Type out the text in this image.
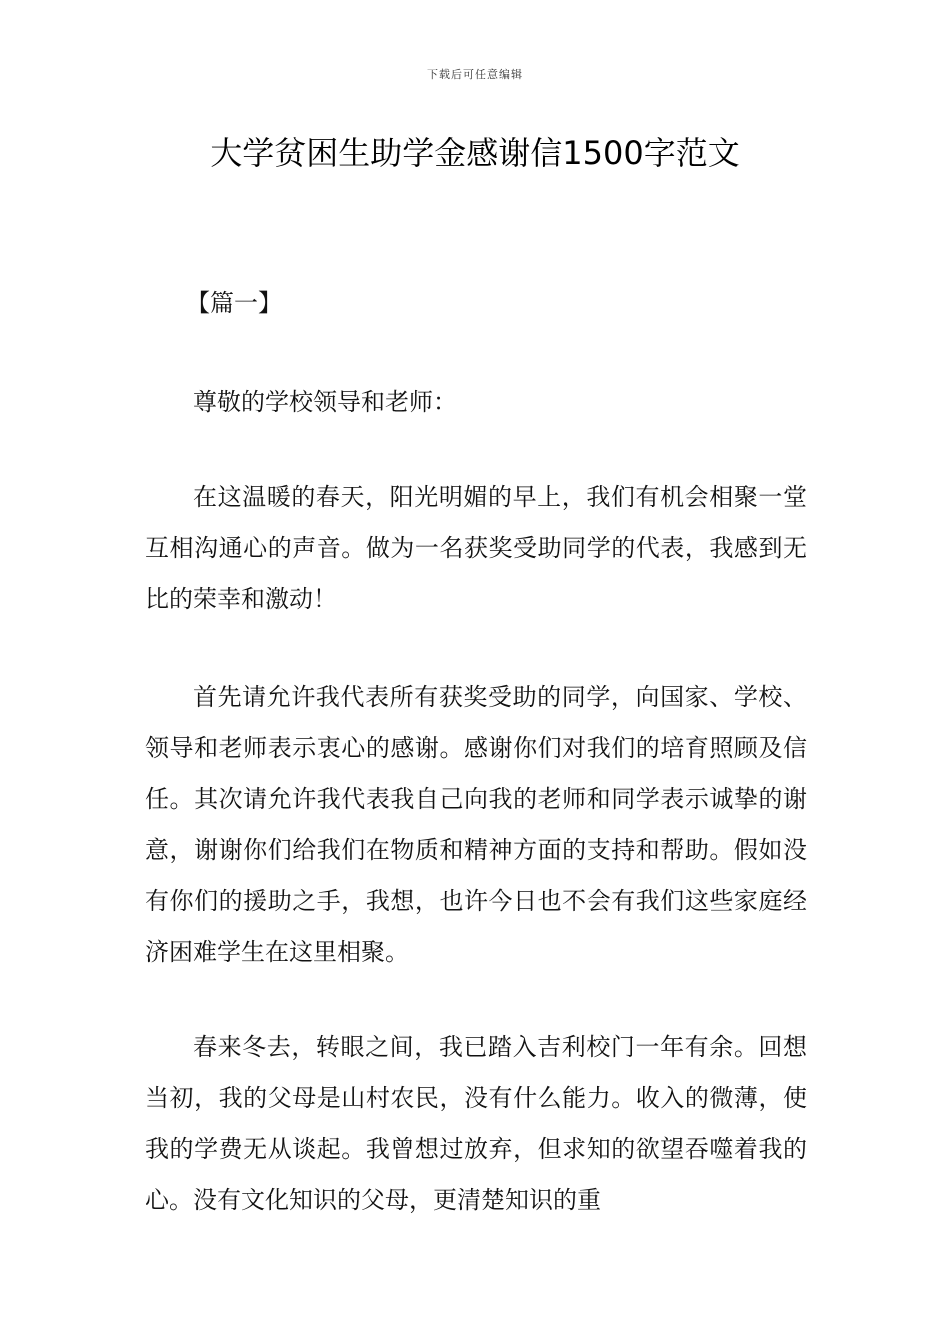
下载后可任意编辑
大学贫困生助学金感谢信1500字范文
【篇一】

尊敬的学校领导和老师：

在这温暖的春天，阳光明媚的早上，我们有机会相聚一堂互相沟通心的声音。做为一名获奖受助同学的代表，我感到无比的荣幸和激动！

首先请允许我代表所有获奖受助的同学，向国家、学校、领导和老师表示衷心的感谢。感谢你们对我们的培育照顾及信任。其次请允许我代表我自己向我的老师和同学表示诚挚的谢意，谢谢你们给我们在物质和精神方面的支持和帮助。假如没有你们的援助之手，我想，也许今日也不会有我们这些家庭经济困难学生在这里相聚。

春来冬去，转眼之间，我已踏入吉利校门一年有余。回想当初，我的父母是山村农民，没有什么能力。收入的微薄，使我的学费无从谈起。我曾想过放弃，但求知的欲望吞噬着我的心。没有文化知识的父母，更清楚知识的重
